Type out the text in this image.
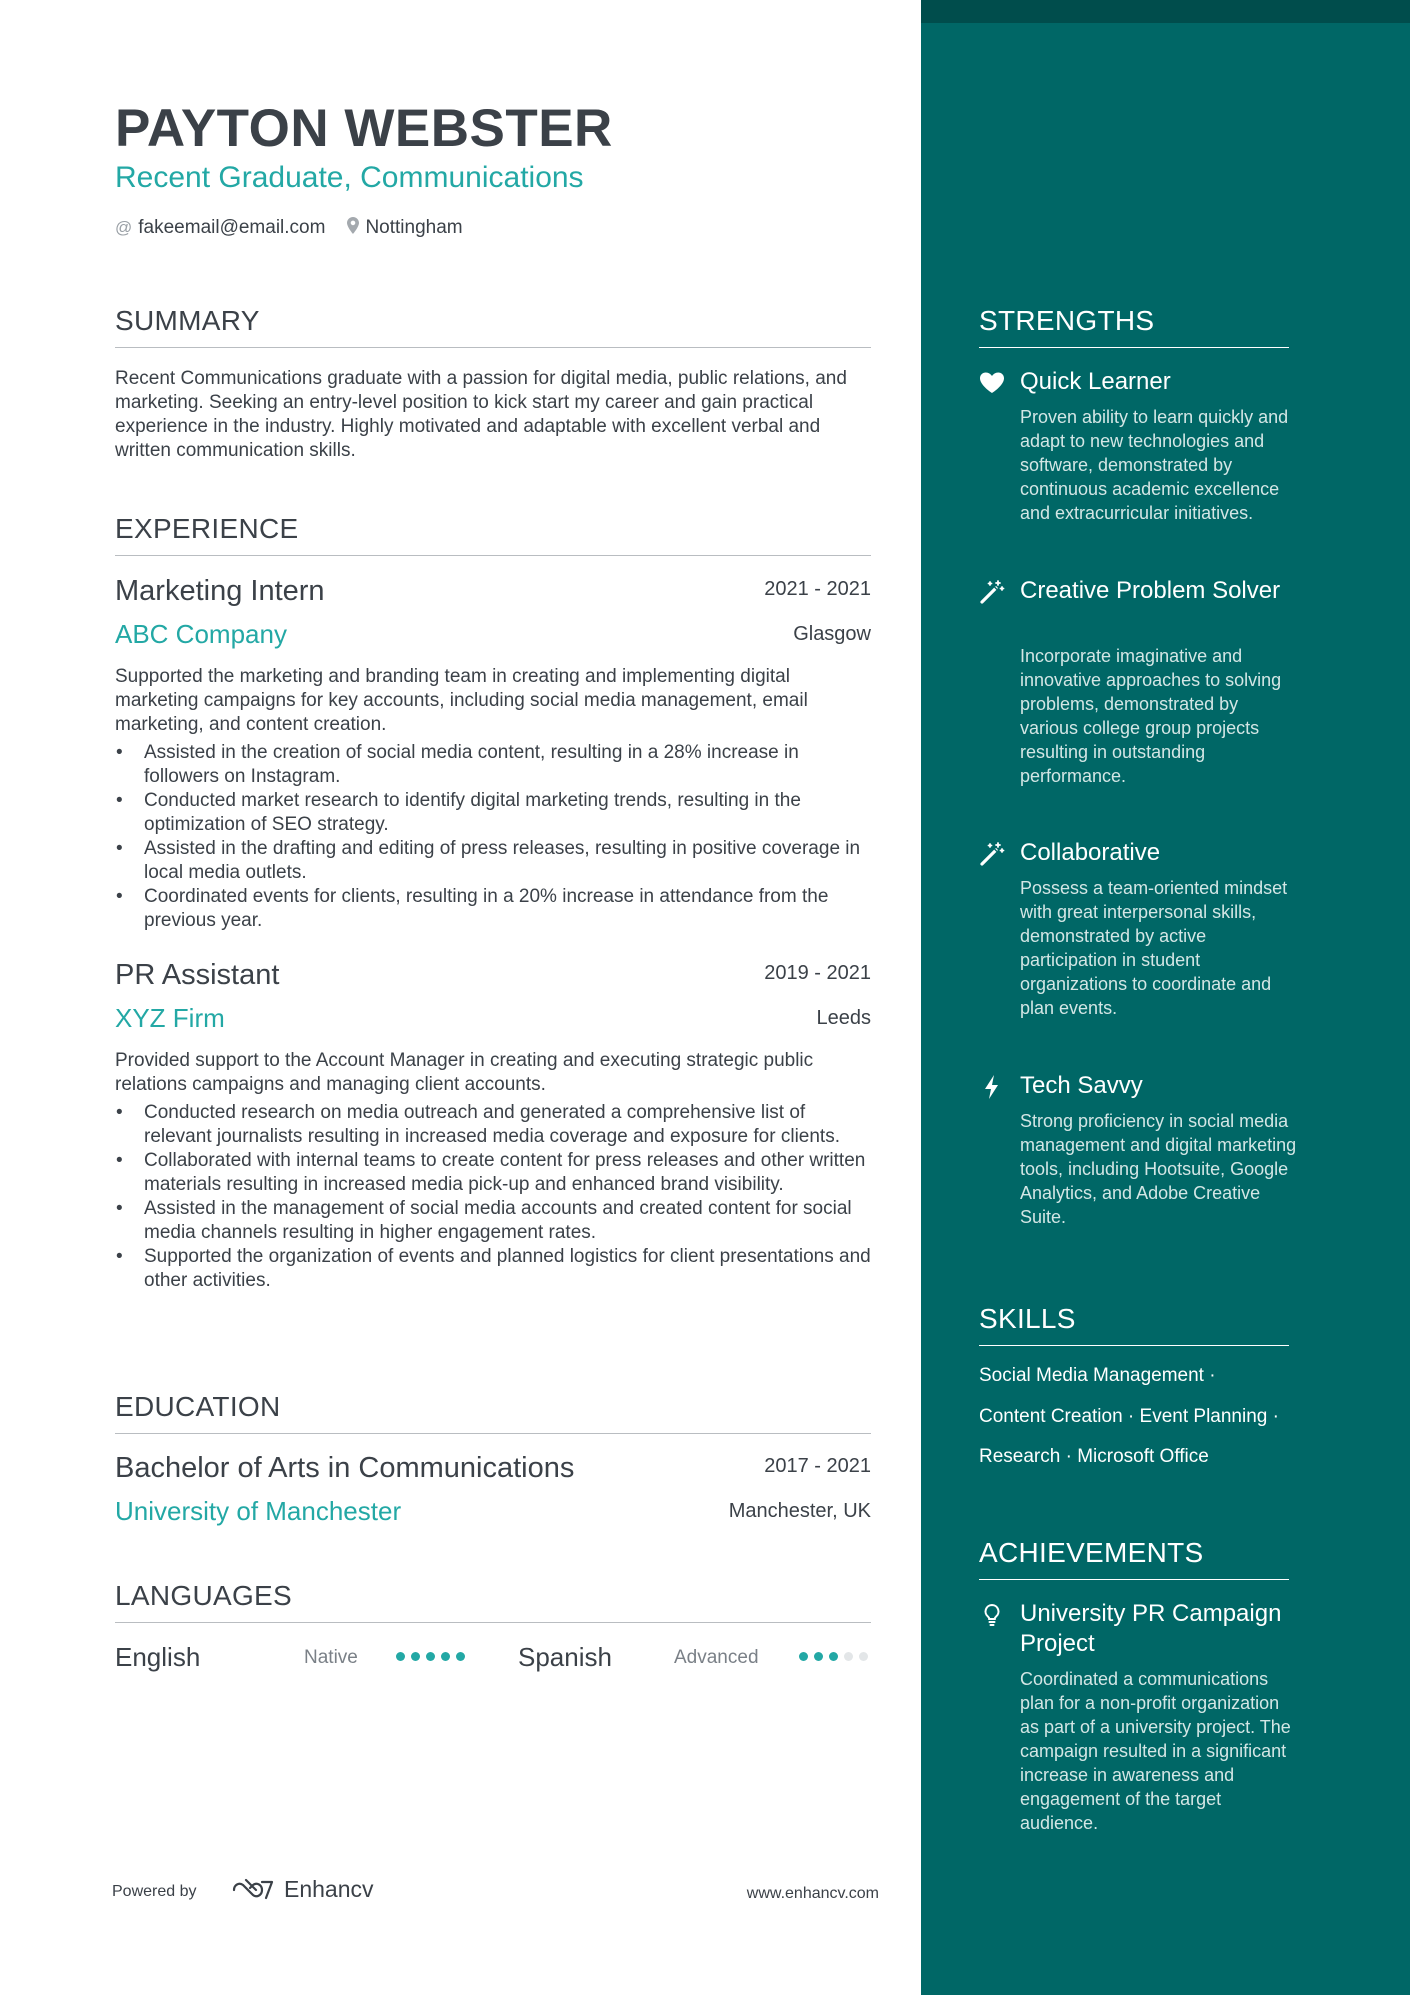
PAYTON WEBSTER
Recent Graduate, Communications
@ fakeemail@email.com Nottingham
SUMMARY

Recent Communications graduate with a passion for digital media, public relations, and marketing. Seeking an entry-level position to kick start my career and gain practical experience in the industry. Highly motivated and adaptable with excellent verbal and written communication skills.

EXPERIENCE
Marketing Intern	2021 - 2021
ABC Company	Glasgow

Supported the marketing and branding team in creating and implementing digital marketing campaigns for key accounts, including social media management, email marketing, and content creation.

• Assisted in the creation of social media content, resulting in a 28% increase in followers on Instagram.
• Conducted market research to identify digital marketing trends, resulting in the optimization of SEO strategy.
• Assisted in the drafting and editing of press releases, resulting in positive coverage in local media outlets.
• Coordinated events for clients, resulting in a 20% increase in attendance from the previous year.
PR Assistant	2019 - 2021
XYZ Firm	Leeds

Provided support to the Account Manager in creating and executing strategic public relations campaigns and managing client accounts.

• Conducted research on media outreach and generated a comprehensive list of relevant journalists resulting in increased media coverage and exposure for clients.
• Collaborated with internal teams to create content for press releases and other written materials resulting in increased media pick-up and enhanced brand visibility.
• Assisted in the management of social media accounts and created content for social media channels resulting in higher engagement rates.
• Supported the organization of events and planned logistics for client presentations and other activities.
EDUCATION
Bachelor of Arts in Communications	2017 - 2021
University of Manchester	Manchester, UK
LANGUAGES
English	Native	Spanish	Advanced
Powered by	Enhancv	www.enhancv.com
STRENGTHS
Quick Learner

Proven ability to learn quickly and adapt to new technologies and software, demonstrated by continuous academic excellence and extracurricular initiatives.

Creative Problem Solver

Incorporate imaginative and innovative approaches to solving problems, demonstrated by various college group projects resulting in outstanding performance.

Collaborative

Possess a team-oriented mindset with great interpersonal skills, demonstrated by active participation in student organizations to coordinate and plan events.

Tech Savvy

Strong proficiency in social media management and digital marketing tools, including Hootsuite, Google Analytics, and Adobe Creative Suite.

SKILLS
Social Media Management ·
Content Creation · Event Planning ·
Research · Microsoft Office
ACHIEVEMENTS
University PR Campaign Project

Coordinated a communications plan for a non-profit organization as part of a university project. The campaign resulted in a significant increase in awareness and engagement of the target audience.
